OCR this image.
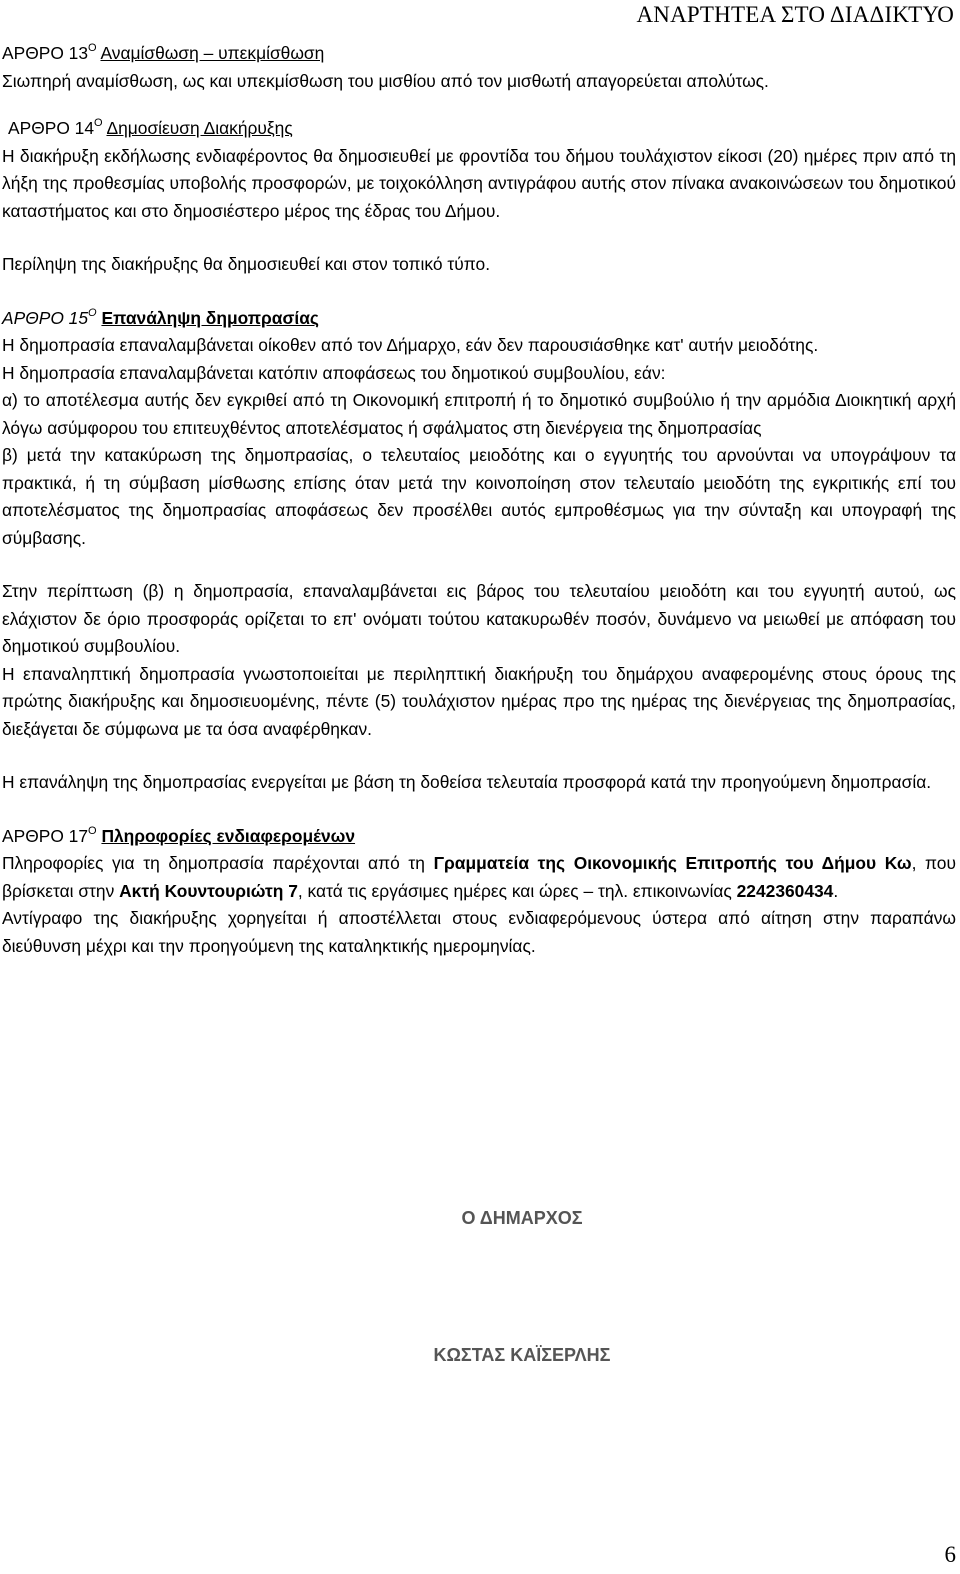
ΑΝΑΡΤΗΤΕΑ ΣΤΟ ΔΙΑΔΙΚΤΥΟ

ΑΡΘΡΟ $13^O$ Αναμίσθωση – υπεκμίσθωση

Σιωπηρή αναμίσθωση, ως και υπεκμίσθωση του μισθίου από τον μισθωτή απαγορεύεται απολύτως.

ΑΡΘΡΟ $14^O$ Δημοσίευση Διακήρυξης

Η διακήρυξη εκδήλωσης ενδιαφέροντος θα δημοσιευθεί με φροντίδα του δήμου τουλάχιστον είκοσι (20) ημέρες πριν από τη λήξη της προθεσμίας υποβολής προσφορών, με τοιχοκόλληση αντιγράφου αυτής στον πίνακα ανακοινώσεων του δημοτικού καταστήματος και στο δημοσιέστερο μέρος της έδρας του Δήμου.

Περίληψη της διακήρυξης θα δημοσιευθεί και στον τοπικό τύπο.

ΑΡΘΡΟ $15^O$ Επανάληψη δημοπρασίας

Η δημοπρασία επαναλαμβάνεται οίκοθεν από τον Δήμαρχο, εάν δεν παρουσιάσθηκε κατ' αυτήν μειοδότης.

Η δημοπρασία επαναλαμβάνεται κατόπιν αποφάσεως του δημοτικού συμβουλίου, εάν:

α) το αποτέλεσμα αυτής δεν εγκριθεί από τη Οικονομική επιτροπή ή το δημοτικό συμβούλιο ή την αρμόδια Διοικητική αρχή λόγω ασύμφορου του επιτευχθέντος αποτελέσματος ή σφάλματος στη διενέργεια της δημοπρασίας

β) μετά την κατακύρωση της δημοπρασίας, ο τελευταίος μειοδότης και ο εγγυητής του αρνούνται να υπογράψουν τα πρακτικά, ή τη σύμβαση μίσθωσης επίσης όταν μετά την κοινοποίηση στον τελευταίο μειοδότη της εγκριτικής επί του αποτελέσματος της δημοπρασίας αποφάσεως δεν προσέλθει αυτός εμπροθέσμως για την σύνταξη και υπογραφή της σύμβασης.

Στην περίπτωση (β) η δημοπρασία, επαναλαμβάνεται εις βάρος του τελευταίου μειοδότη και του εγγυητή αυτού, ως ελάχιστον δε όριο προσφοράς ορίζεται το επ' ονόματι τούτου κατακυρωθέν ποσόν, δυνάμενο να μειωθεί με απόφαση του δημοτικού συμβουλίου.

Η επαναληπτική δημοπρασία γνωστοποιείται με περιληπτική διακήρυξη του δημάρχου αναφερομένης στους όρους της πρώτης διακήρυξης και δημοσιευομένης, πέντε (5) τουλάχιστον ημέρας προ της ημέρας της διενέργειας της δημοπρασίας, διεξάγεται δε σύμφωνα με τα όσα αναφέρθηκαν.

Η επανάληψη της δημοπρασίας ενεργείται με βάση τη δοθείσα τελευταία προσφορά κατά την προηγούμενη δημοπρασία.

ΑΡΘΡΟ $17^O$ Πληροφορίες ενδιαφερομένων

Πληροφορίες για τη δημοπρασία παρέχονται από τη Γραμματεία της Οικονομικής Επιτροπής του Δήμου Κω, που βρίσκεται στην Ακτή Κουντουριώτη 7, κατά τις εργάσιμες ημέρες και ώρες – τηλ. επικοινωνίας 2242360434.

Αντίγραφο της διακήρυξης χορηγείται ή αποστέλλεται στους ενδιαφερόμενους ύστερα από αίτηση στην παραπάνω διεύθυνση μέχρι και την προηγούμενη της καταληκτικής ημερομηνίας.

Ο ΔΗΜΑΡΧΟΣ
ΚΩΣΤΑΣ ΚΑΪΣΕΡΛΗΣ
6
